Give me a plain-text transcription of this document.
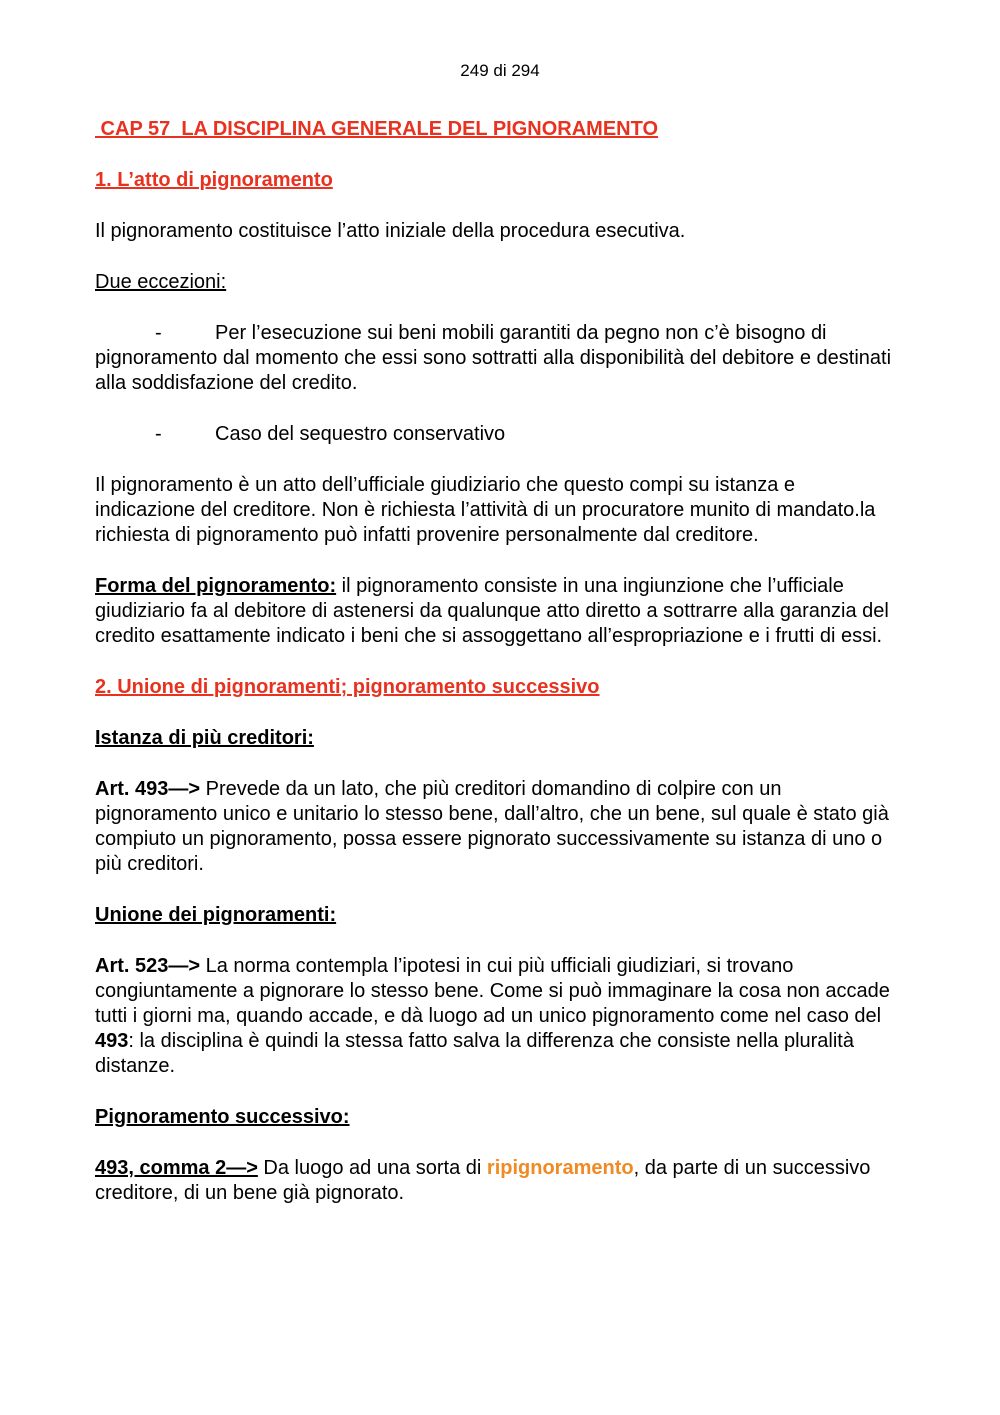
249 di 294

CAP 57  LA DISCIPLINA GENERALE DEL PIGNORAMENTO

1. L’atto di pignoramento

Il pignoramento costituisce l’atto iniziale della procedura esecutiva.

Due eccezioni:

-	Per l’esecuzione sui beni mobili garantiti da pegno non c’è bisogno di pignoramento dal momento che essi sono sottratti alla disponibilità del debitore e destinati alla soddisfazione del credito.
-	Caso del sequestro conservativo

Il pignoramento è un atto dell’ufficiale giudiziario che questo compi su istanza e indicazione del creditore. Non è richiesta l’attività di un procuratore munito di mandato.la richiesta di pignoramento può infatti provenire personalmente dal creditore.

Forma del pignoramento: il pignoramento consiste in una ingiunzione che l’ufficiale giudiziario fa al debitore di astenersi da qualunque atto diretto a sottrarre alla garanzia del credito esattamente indicato i beni che si assoggettano all’espropriazione e i frutti di essi.

2. Unione di pignoramenti; pignoramento successivo

Istanza di più creditori:

Art. 493—> Prevede da un lato, che più creditori domandino di colpire con un pignoramento unico e unitario lo stesso bene, dall’altro, che un bene, sul quale è stato già compiuto un pignoramento, possa essere pignorato successivamente su istanza di uno o più creditori.

Unione dei pignoramenti:

Art. 523—> La norma contempla l’ipotesi in cui più ufficiali giudiziari, si trovano congiuntamente a pignorare lo stesso bene. Come si può immaginare la cosa non accade tutti i giorni ma, quando accade, e dà luogo ad un unico pignoramento come nel caso del 493: la disciplina è quindi la stessa fatto salva la differenza che consiste nella pluralità distanze.

Pignoramento successivo:

493, comma 2—> Da luogo ad una sorta di ripignoramento, da parte di un successivo creditore, di un bene già pignorato.
